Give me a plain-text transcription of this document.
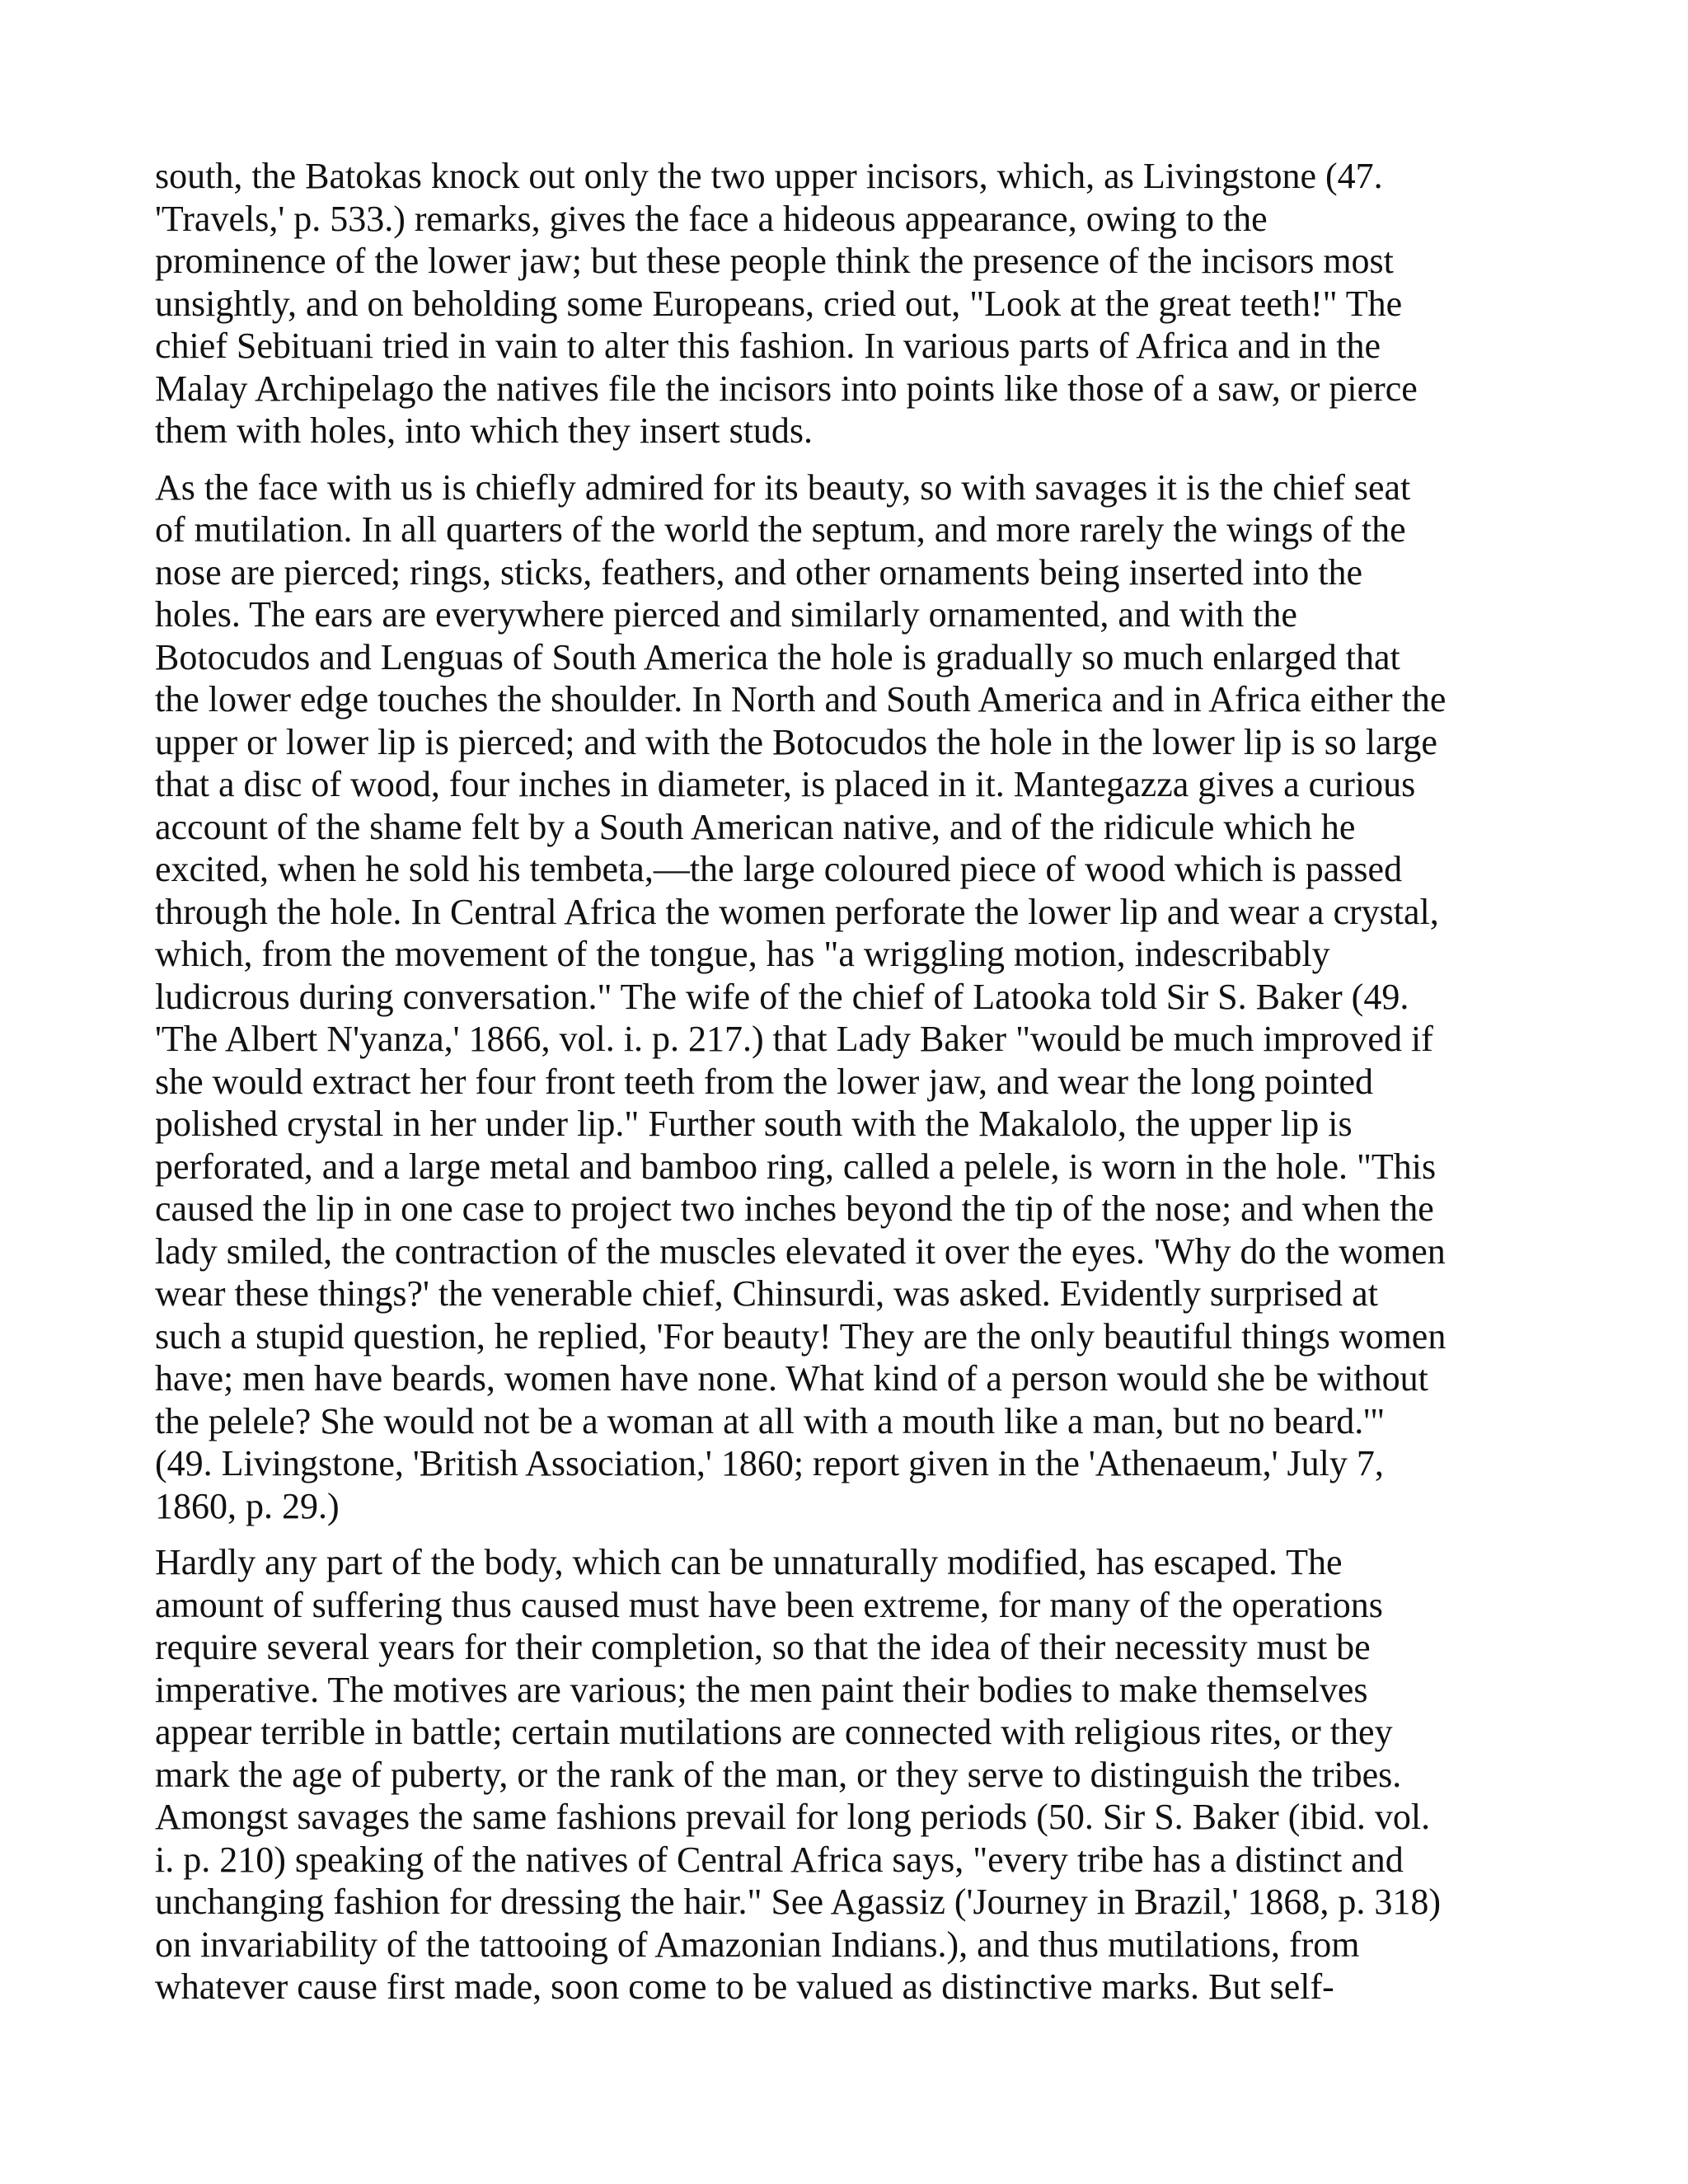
south, the Batokas knock out only the two upper incisors, which, as Livingstone (47.
'Travels,' p. 533.) remarks, gives the face a hideous appearance, owing to the
prominence of the lower jaw; but these people think the presence of the incisors most
unsightly, and on beholding some Europeans, cried out, "Look at the great teeth!" The
chief Sebituani tried in vain to alter this fashion. In various parts of Africa and in the
Malay Archipelago the natives file the incisors into points like those of a saw, or pierce
them with holes, into which they insert studs.

As the face with us is chiefly admired for its beauty, so with savages it is the chief seat
of mutilation. In all quarters of the world the septum, and more rarely the wings of the
nose are pierced; rings, sticks, feathers, and other ornaments being inserted into the
holes. The ears are everywhere pierced and similarly ornamented, and with the
Botocudos and Lenguas of South America the hole is gradually so much enlarged that
the lower edge touches the shoulder. In North and South America and in Africa either the
upper or lower lip is pierced; and with the Botocudos the hole in the lower lip is so large
that a disc of wood, four inches in diameter, is placed in it. Mantegazza gives a curious
account of the shame felt by a South American native, and of the ridicule which he
excited, when he sold his tembeta,—the large coloured piece of wood which is passed
through the hole. In Central Africa the women perforate the lower lip and wear a crystal,
which, from the movement of the tongue, has "a wriggling motion, indescribably
ludicrous during conversation." The wife of the chief of Latooka told Sir S. Baker (49.
'The Albert N'yanza,' 1866, vol. i. p. 217.) that Lady Baker "would be much improved if
she would extract her four front teeth from the lower jaw, and wear the long pointed
polished crystal in her under lip." Further south with the Makalolo, the upper lip is
perforated, and a large metal and bamboo ring, called a pelele, is worn in the hole. "This
caused the lip in one case to project two inches beyond the tip of the nose; and when the
lady smiled, the contraction of the muscles elevated it over the eyes. 'Why do the women
wear these things?' the venerable chief, Chinsurdi, was asked. Evidently surprised at
such a stupid question, he replied, 'For beauty! They are the only beautiful things women
have; men have beards, women have none. What kind of a person would she be without
the pelele? She would not be a woman at all with a mouth like a man, but no beard.'"
(49. Livingstone, 'British Association,' 1860; report given in the 'Athenaeum,' July 7,
1860, p. 29.)

Hardly any part of the body, which can be unnaturally modified, has escaped. The
amount of suffering thus caused must have been extreme, for many of the operations
require several years for their completion, so that the idea of their necessity must be
imperative. The motives are various; the men paint their bodies to make themselves
appear terrible in battle; certain mutilations are connected with religious rites, or they
mark the age of puberty, or the rank of the man, or they serve to distinguish the tribes.
Amongst savages the same fashions prevail for long periods (50. Sir S. Baker (ibid. vol.
i. p. 210) speaking of the natives of Central Africa says, "every tribe has a distinct and
unchanging fashion for dressing the hair." See Agassiz ('Journey in Brazil,' 1868, p. 318)
on invariability of the tattooing of Amazonian Indians.), and thus mutilations, from
whatever cause first made, soon come to be valued as distinctive marks. But self-
